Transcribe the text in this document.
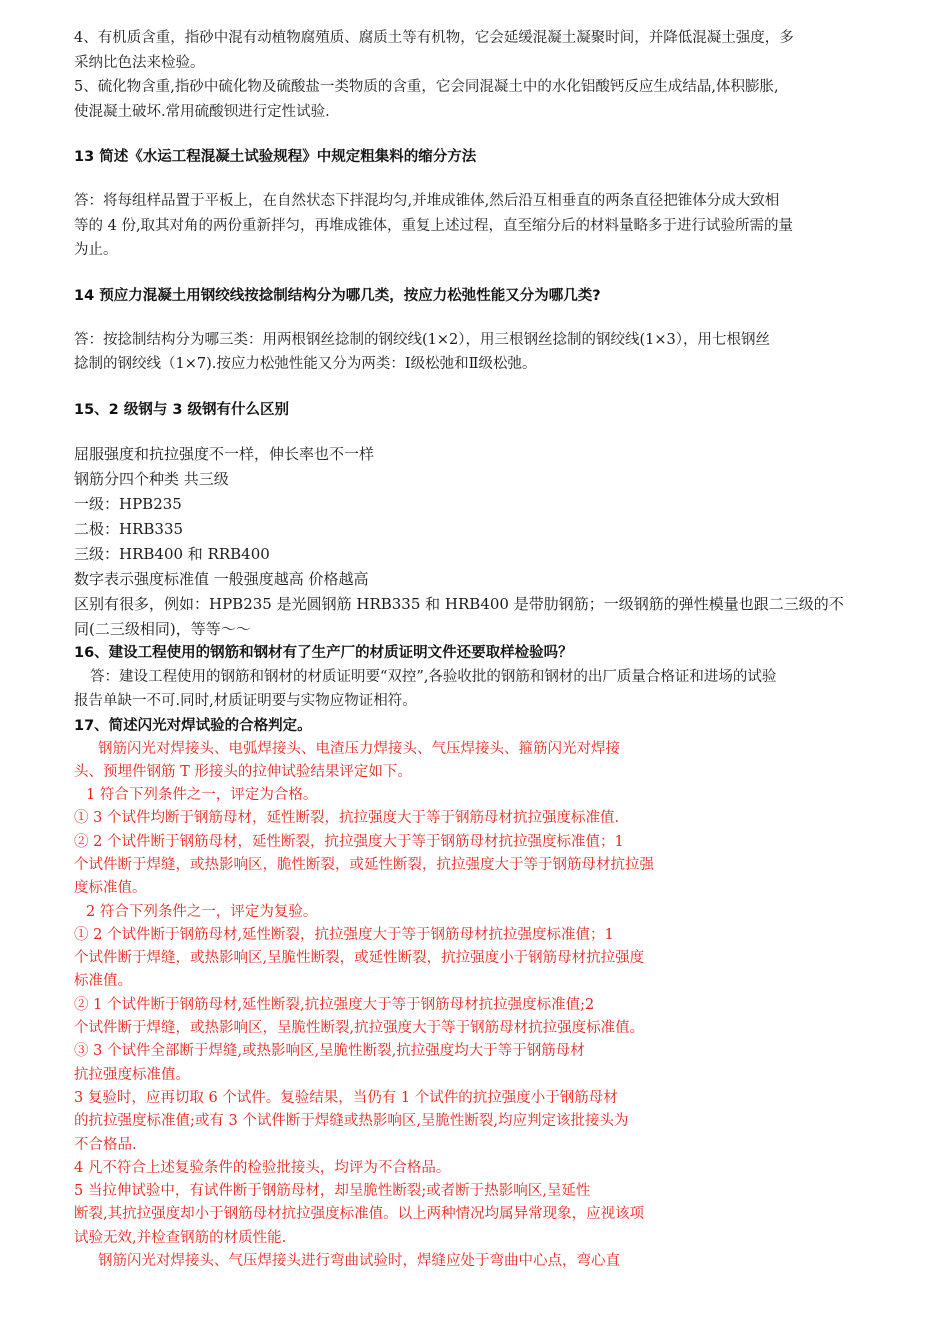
4、有机质含重，指砂中混有动植物腐殖质、腐质土等有机物，它会延缓混凝土凝聚时间，并降低混凝土强度，多

采纳比色法来检验。

5、硫化物含重,指砂中硫化物及硫酸盐一类物质的含重，它会同混凝土中的水化铝酸钙反应生成结晶,体积膨胀,

使混凝土破坏.常用硫酸钡进行定性试验.

13 简述《水运工程混凝土试验规程》中规定粗集料的缩分方法

答：将每组样品置于平板上，在自然状态下拌混均匀,并堆成锥体,然后沿互相垂直的两条直径把锥体分成大致相

等的 4 份,取其对角的两份重新拌匀，再堆成锥体，重复上述过程，直至缩分后的材料量略多于进行试验所需的量

为止。

14 预应力混凝土用钢绞线按捻制结构分为哪几类，按应力松弛性能又分为哪几类?

答：按捻制结构分为哪三类：用两根钢丝捻制的钢绞线(1×2），用三根钢丝捻制的钢绞线(1×3），用七根钢丝

捻制的钢绞线（1×7).按应力松弛性能又分为两类：Ⅰ级松弛和Ⅱ级松弛。

15、2 级钢与 3 级钢有什么区别

屈服强度和抗拉强度不一样，伸长率也不一样

钢筋分四个种类 共三级

一级：HPB235

二极：HRB335

三级：HRB400 和 RRB400

数字表示强度标准值 一般强度越高 价格越高

区别有很多，例如：HPB235 是光圆钢筋 HRB335 和 HRB400 是带肋钢筋；一级钢筋的弹性模量也跟二三级的不

同(二三级相同)，等等～～

16、建设工程使用的钢筋和钢材有了生产厂的材质证明文件还要取样检验吗？

答：建设工程使用的钢筋和钢材的材质证明要“双控”,各验收批的钢筋和钢材的出厂质量合格证和进场的试验

报告单缺一不可.同时,材质证明要与实物应物证相符。

17、简述闪光对焊试验的合格判定。

钢筋闪光对焊接头、电弧焊接头、电渣压力焊接头、气压焊接头、箍筋闪光对焊接

头、预埋件钢筋 T 形接头的拉伸试验结果评定如下。

1 符合下列条件之一，评定为合格。

① 3 个试件均断于钢筋母材，延性断裂，抗拉强度大于等于钢筋母材抗拉强度标准值.

② 2 个试件断于钢筋母材，延性断裂，抗拉强度大于等于钢筋母材抗拉强度标准值；1

个试件断于焊缝，或热影响区，脆性断裂，或延性断裂，抗拉强度大于等于钢筋母材抗拉强

度标准值。

2 符合下列条件之一，评定为复验。

① 2 个试件断于钢筋母材,延性断裂，抗拉强度大于等于钢筋母材抗拉强度标准值；1

个试件断于焊缝，或热影响区,呈脆性断裂，或延性断裂，抗拉强度小于钢筋母材抗拉强度

标准值。

② 1 个试件断于钢筋母材,延性断裂,抗拉强度大于等于钢筋母材抗拉强度标准值;2

个试件断于焊缝，或热影响区，呈脆性断裂,抗拉强度大于等于钢筋母材抗拉强度标准值。

③ 3 个试件全部断于焊缝,或热影响区,呈脆性断裂,抗拉强度均大于等于钢筋母材

抗拉强度标准值。

3 复验时，应再切取 6 个试件。复验结果，当仍有 1 个试件的抗拉强度小于钢筋母材

的抗拉强度标准值;或有 3 个试件断于焊缝或热影响区,呈脆性断裂,均应判定该批接头为

不合格品.

4 凡不符合上述复验条件的检验批接头，均评为不合格品。

5 当拉伸试验中，有试件断于钢筋母材，却呈脆性断裂;或者断于热影响区,呈延性

断裂,其抗拉强度却小于钢筋母材抗拉强度标准值。以上两种情况均属异常现象，应视该项

试验无效,并检查钢筋的材质性能.

钢筋闪光对焊接头、气压焊接头进行弯曲试验时，焊缝应处于弯曲中心点，弯心直
